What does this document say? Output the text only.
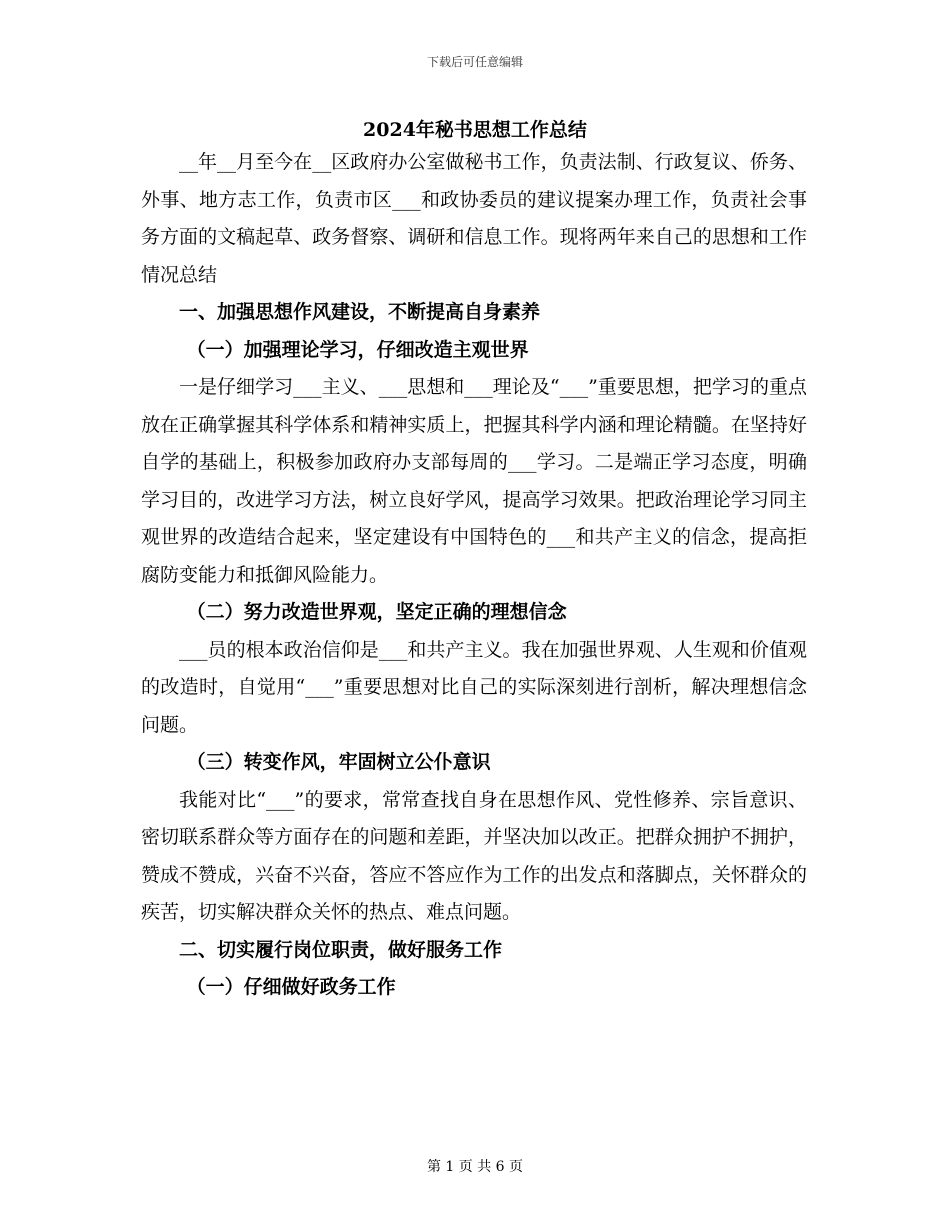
下载后可任意编辑
2024年秘书思想工作总结

__年__月至今在__区政府办公室做秘书工作，负责法制、行政复议、侨务、外事、地方志工作，负责市区___和政协委员的建议提案办理工作，负责社会事务方面的文稿起草、政务督察、调研和信息工作。现将两年来自己的思想和工作情况总结

一、加强思想作风建设，不断提高自身素养

（一）加强理论学习，仔细改造主观世界

一是仔细学习___主义、___思想和___理论及“___”重要思想，把学习的重点放在正确掌握其科学体系和精神实质上，把握其科学内涵和理论精髓。在坚持好自学的基础上，积极参加政府办支部每周的___学习。二是端正学习态度，明确学习目的，改进学习方法，树立良好学风，提高学习效果。把政治理论学习同主观世界的改造结合起来，坚定建设有中国特色的___和共产主义的信念，提高拒腐防变能力和抵御风险能力。

（二）努力改造世界观，坚定正确的理想信念

___员的根本政治信仰是___和共产主义。我在加强世界观、人生观和价值观的改造时，自觉用“___”重要思想对比自己的实际深刻进行剖析，解决理想信念问题。

（三）转变作风，牢固树立公仆意识

我能对比“___”的要求，常常查找自身在思想作风、党性修养、宗旨意识、密切联系群众等方面存在的问题和差距，并坚决加以改正。把群众拥护不拥护，赞成不赞成，兴奋不兴奋，答应不答应作为工作的出发点和落脚点，关怀群众的疾苦，切实解决群众关怀的热点、难点问题。

二、切实履行岗位职责，做好服务工作

（一）仔细做好政务工作

第 1 页 共 6 页
